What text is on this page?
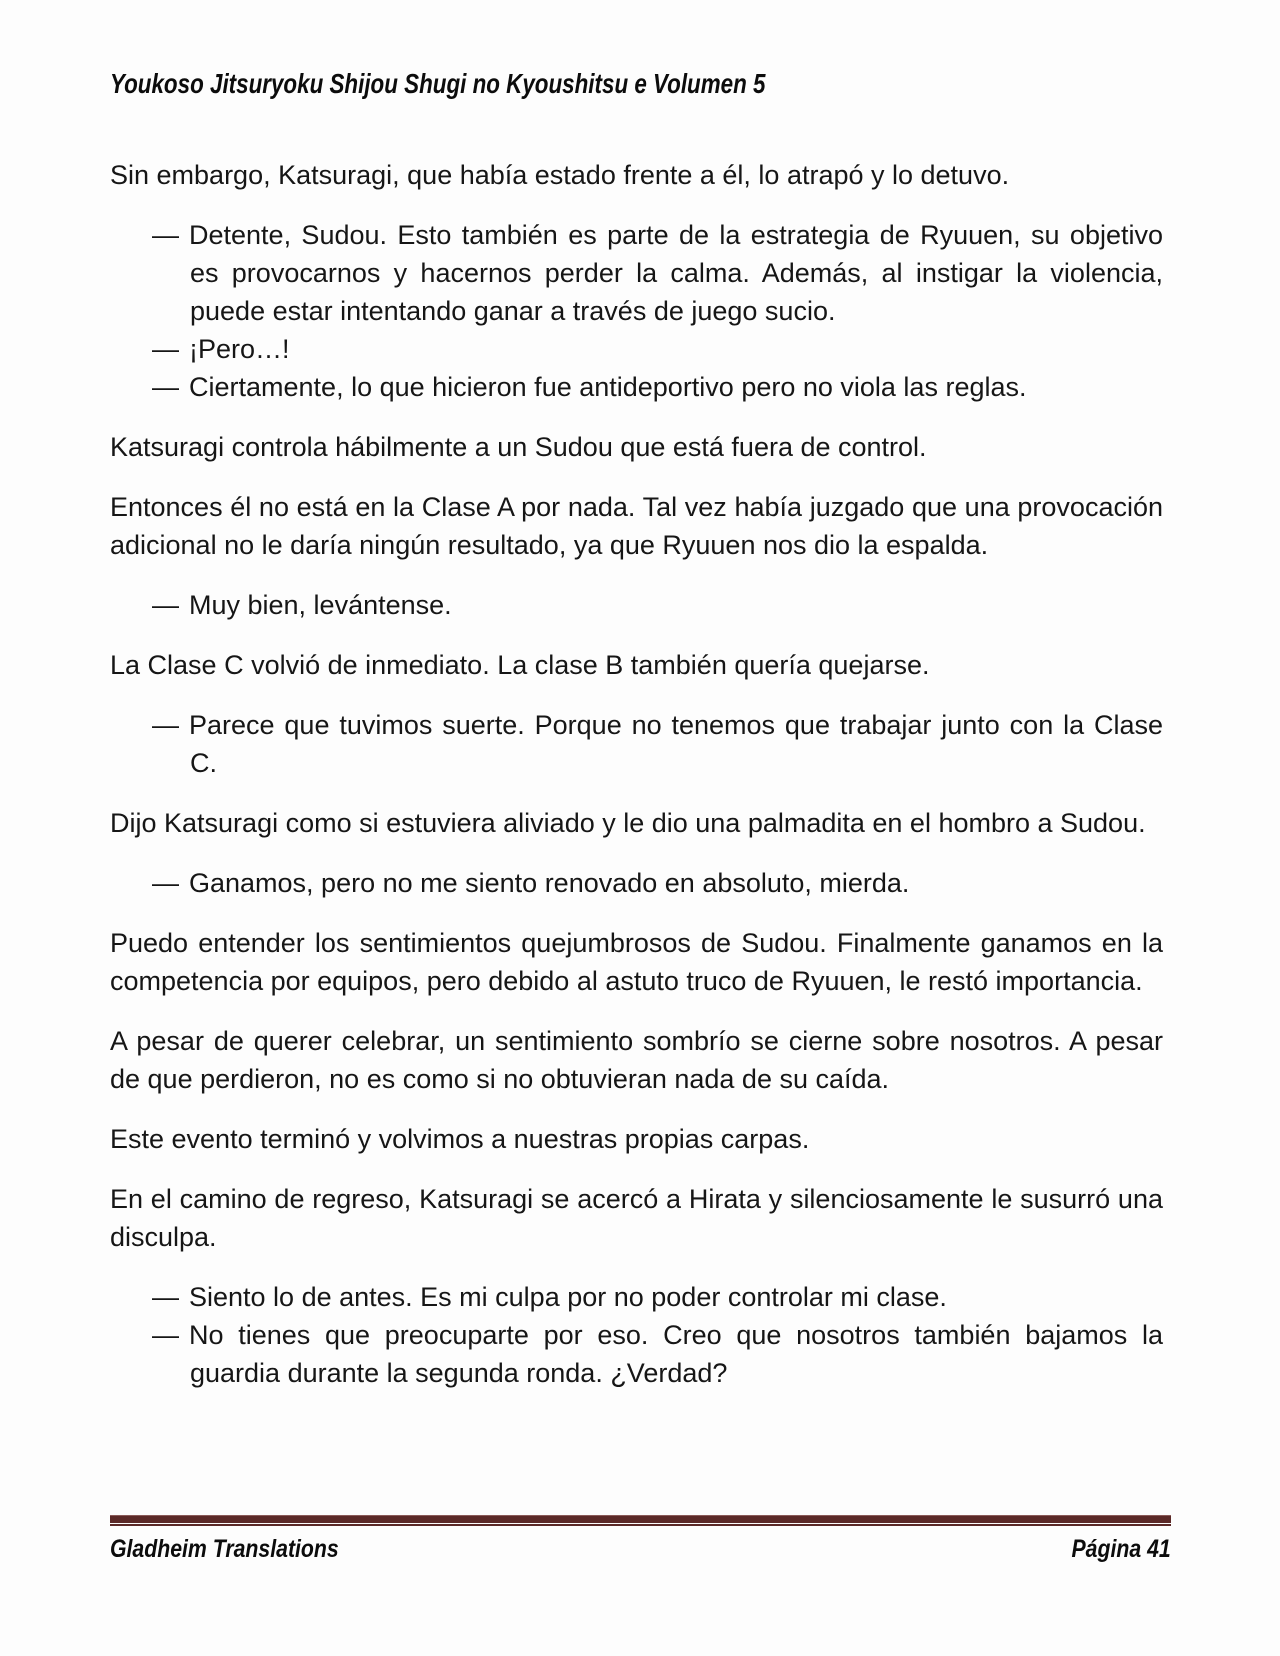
Youkoso Jitsuryoku Shijou Shugi no Kyoushitsu e Volumen 5

Sin embargo, Katsuragi, que había estado frente a él, lo atrapó y lo detuvo.

— Detente, Sudou. Esto también es parte de la estrategia de Ryuuen, su objetivo es provocarnos y hacernos perder la calma. Además, al instigar la violencia, puede estar intentando ganar a través de juego sucio.

— ¡Pero…!

— Ciertamente, lo que hicieron fue antideportivo pero no viola las reglas.

Katsuragi controla hábilmente a un Sudou que está fuera de control.

Entonces él no está en la Clase A por nada. Tal vez había juzgado que una provocación adicional no le daría ningún resultado, ya que Ryuuen nos dio la espalda.

— Muy bien, levántense.

La Clase C volvió de inmediato. La clase B también quería quejarse.

— Parece que tuvimos suerte. Porque no tenemos que trabajar junto con la Clase C.

Dijo Katsuragi como si estuviera aliviado y le dio una palmadita en el hombro a Sudou.

— Ganamos, pero no me siento renovado en absoluto, mierda.

Puedo entender los sentimientos quejumbrosos de Sudou. Finalmente ganamos en la competencia por equipos, pero debido al astuto truco de Ryuuen, le restó importancia.

A pesar de querer celebrar, un sentimiento sombrío se cierne sobre nosotros. A pesar de que perdieron, no es como si no obtuvieran nada de su caída.

Este evento terminó y volvimos a nuestras propias carpas.

En el camino de regreso, Katsuragi se acercó a Hirata y silenciosamente le susurró una disculpa.

— Siento lo de antes. Es mi culpa por no poder controlar mi clase.

— No tienes que preocuparte por eso. Creo que nosotros también bajamos la guardia durante la segunda ronda. ¿Verdad?

Gladheim Translations	Página 41
